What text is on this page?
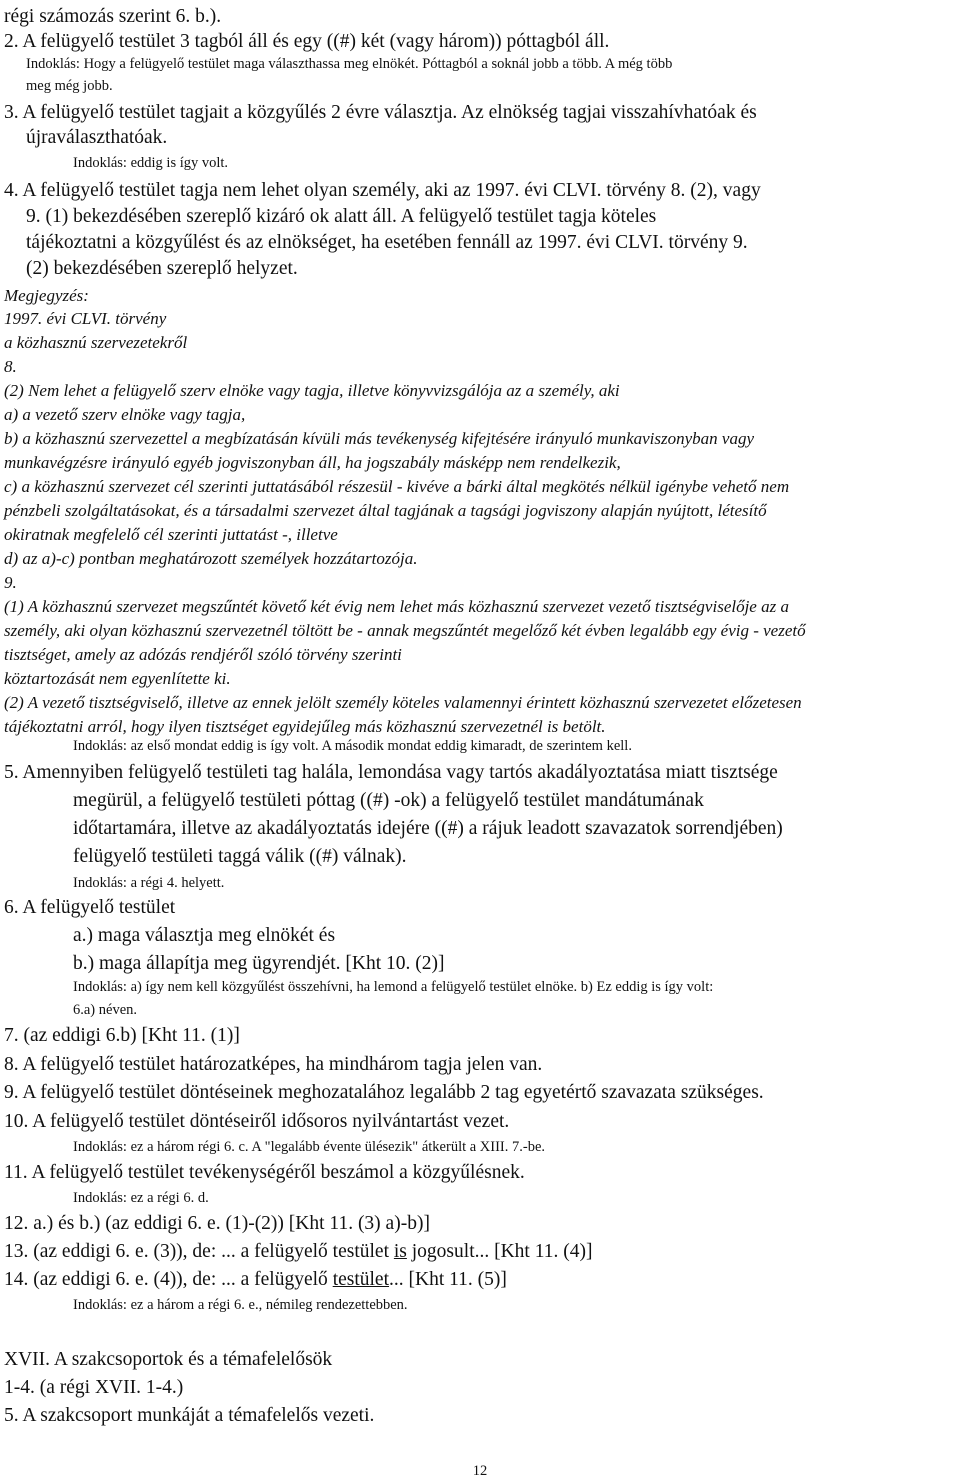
régi számozás szerint 6. b.).
2. A felügyelő testület 3 tagból áll és egy ((#) két (vagy három)) póttagból áll.
Indoklás: Hogy a felügyelő testület maga választhassa meg elnökét. Póttagból a soknál jobb a több. A még több
meg még jobb.
3. A felügyelő testület tagjait a közgyűlés 2 évre választja. Az elnökség tagjai visszahívhatóak és
újraválaszthatóak.
Indoklás: eddig is így volt.
4. A felügyelő testület tagja nem lehet olyan személy, aki az 1997. évi CLVI. törvény 8. (2), vagy
9. (1) bekezdésében szereplő kizáró ok alatt áll. A felügyelő testület tagja köteles
tájékoztatni a közgyűlést és az elnökséget, ha esetében fennáll az 1997. évi CLVI. törvény 9.
(2) bekezdésében szereplő helyzet.
Megjegyzés:
1997. évi CLVI. törvény
a közhasznú szervezetekről
8.
(2) Nem lehet a felügyelő szerv elnöke vagy tagja, illetve könyvvizsgálója az a személy, aki
a) a vezető szerv elnöke vagy tagja,
b) a közhasznú szervezettel a megbízatásán kívüli más tevékenység kifejtésére irányuló munkaviszonyban vagy
munkavégzésre irányuló egyéb jogviszonyban áll, ha jogszabály másképp nem rendelkezik,
c) a közhasznú szervezet cél szerinti juttatásából részesül - kivéve a bárki által megkötés nélkül igénybe vehető nem
pénzbeli szolgáltatásokat, és a társadalmi szervezet által tagjának a tagsági jogviszony alapján nyújtott, létesítő
okiratnak megfelelő cél szerinti juttatást -, illetve
d) az a)-c) pontban meghatározott személyek hozzátartozója.
9.
(1) A közhasznú szervezet megszűntét követő két évig nem lehet más közhasznú szervezet vezető tisztségviselője az a
személy, aki olyan közhasznú szervezetnél töltött be - annak megszűntét megelőző két évben legalább egy évig - vezető
tisztséget, amely az adózás rendjéről szóló törvény szerinti
köztartozását nem egyenlítette ki.
(2) A vezető tisztségviselő, illetve az ennek jelölt személy köteles valamennyi érintett közhasznú szervezetet előzetesen
tájékoztatni arról, hogy ilyen tisztséget egyidejűleg más közhasznú szervezetnél is betölt.
Indoklás: az első mondat eddig is így volt. A második mondat eddig kimaradt, de szerintem kell.
5. Amennyiben felügyelő testületi tag halála, lemondása vagy tartós akadályoztatása miatt tisztsége
megürül, a felügyelő testületi póttag ((#) -ok) a felügyelő testület mandátumának
időtartamára, illetve az akadályoztatás idejére ((#) a rájuk leadott szavazatok sorrendjében)
felügyelő testületi taggá válik ((#) válnak).
Indoklás: a régi 4. helyett.
6. A felügyelő testület
a.) maga választja meg elnökét és
b.) maga állapítja meg ügyrendjét. [Kht 10. (2)]
Indoklás: a) így nem kell közgyűlést összehívni, ha lemond a felügyelő testület elnöke. b) Ez eddig is így volt:
6.a) néven.
7. (az eddigi 6.b) [Kht 11. (1)]
8. A felügyelő testület határozatképes, ha mindhárom tagja jelen van.
9. A felügyelő testület döntéseinek meghozatalához legalább 2 tag egyetértő szavazata szükséges.
10. A felügyelő testület döntéseiről idősoros nyilvántartást vezet.
Indoklás: ez a három régi 6. c. A "legalább évente ülésezik" átkerült a XIII. 7.-be.
11. A felügyelő testület tevékenységéről beszámol a közgyűlésnek.
Indoklás: ez a régi 6. d.
12. a.) és b.) (az eddigi 6. e. (1)-(2)) [Kht 11. (3) a)-b)]
13. (az eddigi 6. e. (3)), de: ... a felügyelő testület is jogosult... [Kht 11. (4)]
14. (az eddigi 6. e. (4)), de: ... a felügyelő testület... [Kht 11. (5)]
Indoklás: ez a három a régi 6. e., némileg rendezettebben.
XVII. A szakcsoportok és a témafelelősök
1-4. (a régi XVII. 1-4.)
5. A szakcsoport munkáját a témafelelős vezeti.
12
